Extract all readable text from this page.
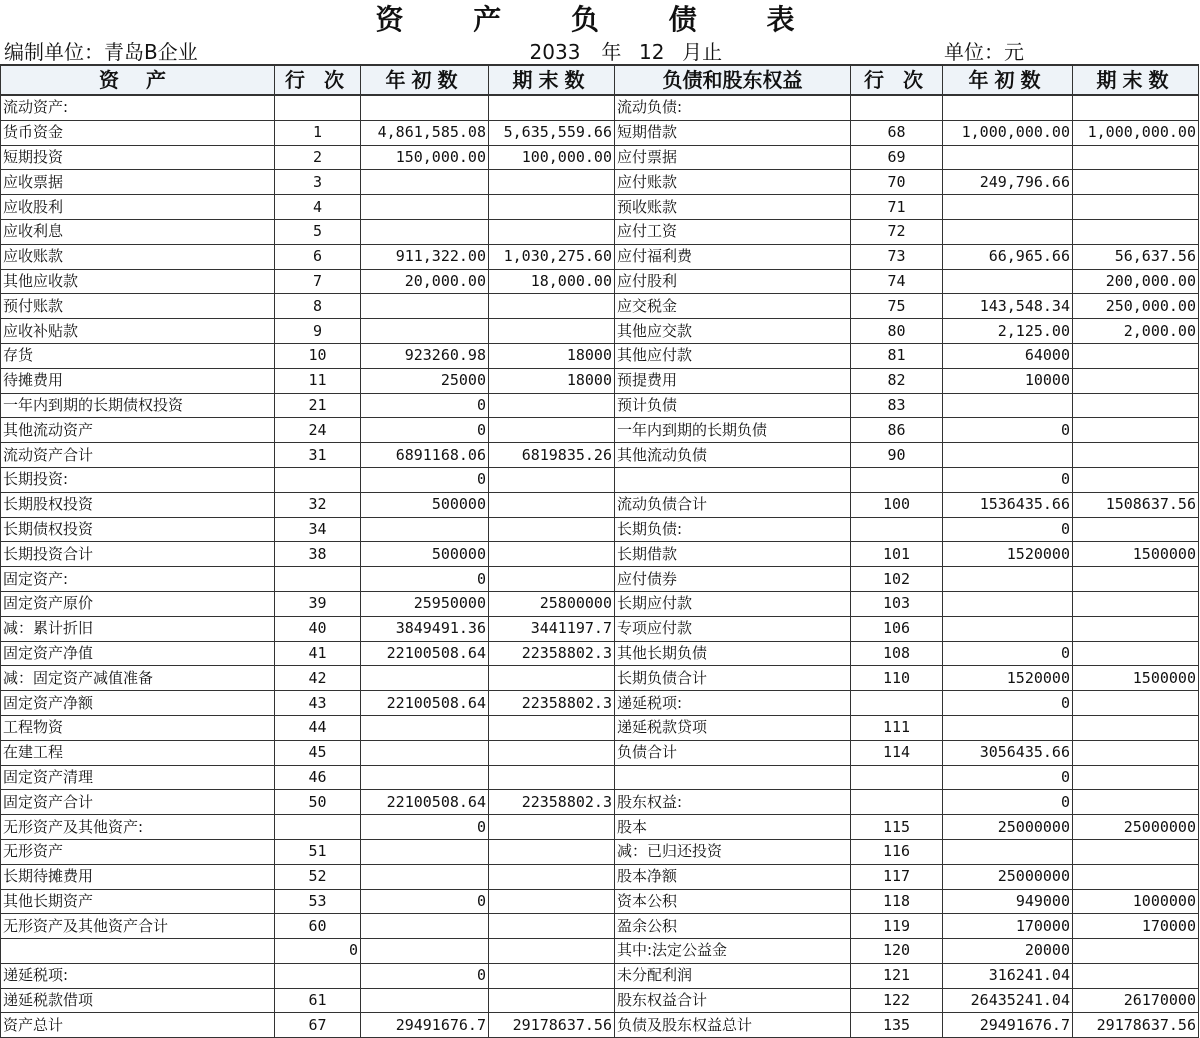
资 产 负 债 表
编制单位：青岛B企业	2033 年 12 月止	单位：元
资 产	行 次	年初数	期末数	负债和股东权益	行 次	年初数	期末数
流动资产:				流动负债:			
货币资金	1	4,861,585.08	5,635,559.66	短期借款	68	1,000,000.00	1,000,000.00
短期投资	2	150,000.00	100,000.00	应付票据	69		
应收票据	3			应付账款	70	249,796.66	
应收股利	4			预收账款	71		
应收利息	5			应付工资	72		
应收账款	6	911,322.00	1,030,275.60	应付福利费	73	66,965.66	56,637.56
其他应收款	7	20,000.00	18,000.00	应付股利	74		200,000.00
预付账款	8			应交税金	75	143,548.34	250,000.00
应收补贴款	9			其他应交款	80	2,125.00	2,000.00
存货	10	923260.98	18000	其他应付款	81	64000	
待摊费用	11	25000	18000	预提费用	82	10000	
一年内到期的长期债权投资	21	0		预计负债	83		
其他流动资产	24	0		一年内到期的长期负债	86	0	
流动资产合计	31	6891168.06	6819835.26	其他流动负债	90		
长期投资:		0				0	
长期股权投资	32	500000		流动负债合计	100	1536435.66	1508637.56
长期债权投资	34			长期负债:		0	
长期投资合计	38	500000		长期借款	101	1520000	1500000
固定资产:		0		应付债券	102		
固定资产原价	39	25950000	25800000	长期应付款	103		
减：累计折旧	40	3849491.36	3441197.7	专项应付款	106		
固定资产净值	41	22100508.64	22358802.3	其他长期负债	108	0	
减：固定资产减值准备	42			长期负债合计	110	1520000	1500000
固定资产净额	43	22100508.64	22358802.3	递延税项:		0	
工程物资	44			递延税款贷项	111		
在建工程	45			负债合计	114	3056435.66	
固定资产清理	46					0	
固定资产合计	50	22100508.64	22358802.3	股东权益:		0	
无形资产及其他资产:		0		股本	115	25000000	25000000
无形资产	51			减：已归还投资	116		
长期待摊费用	52			股本净额	117	25000000	
其他长期资产	53	0		资本公积	118	949000	1000000
无形资产及其他资产合计	60			盈余公积	119	170000	170000
	0			其中:法定公益金	120	20000	
递延税项:		0		未分配利润	121	316241.04	
递延税款借项	61			股东权益合计	122	26435241.04	26170000
资产总计	67	29491676.7	29178637.56	负债及股东权益总计	135	29491676.7	29178637.56
